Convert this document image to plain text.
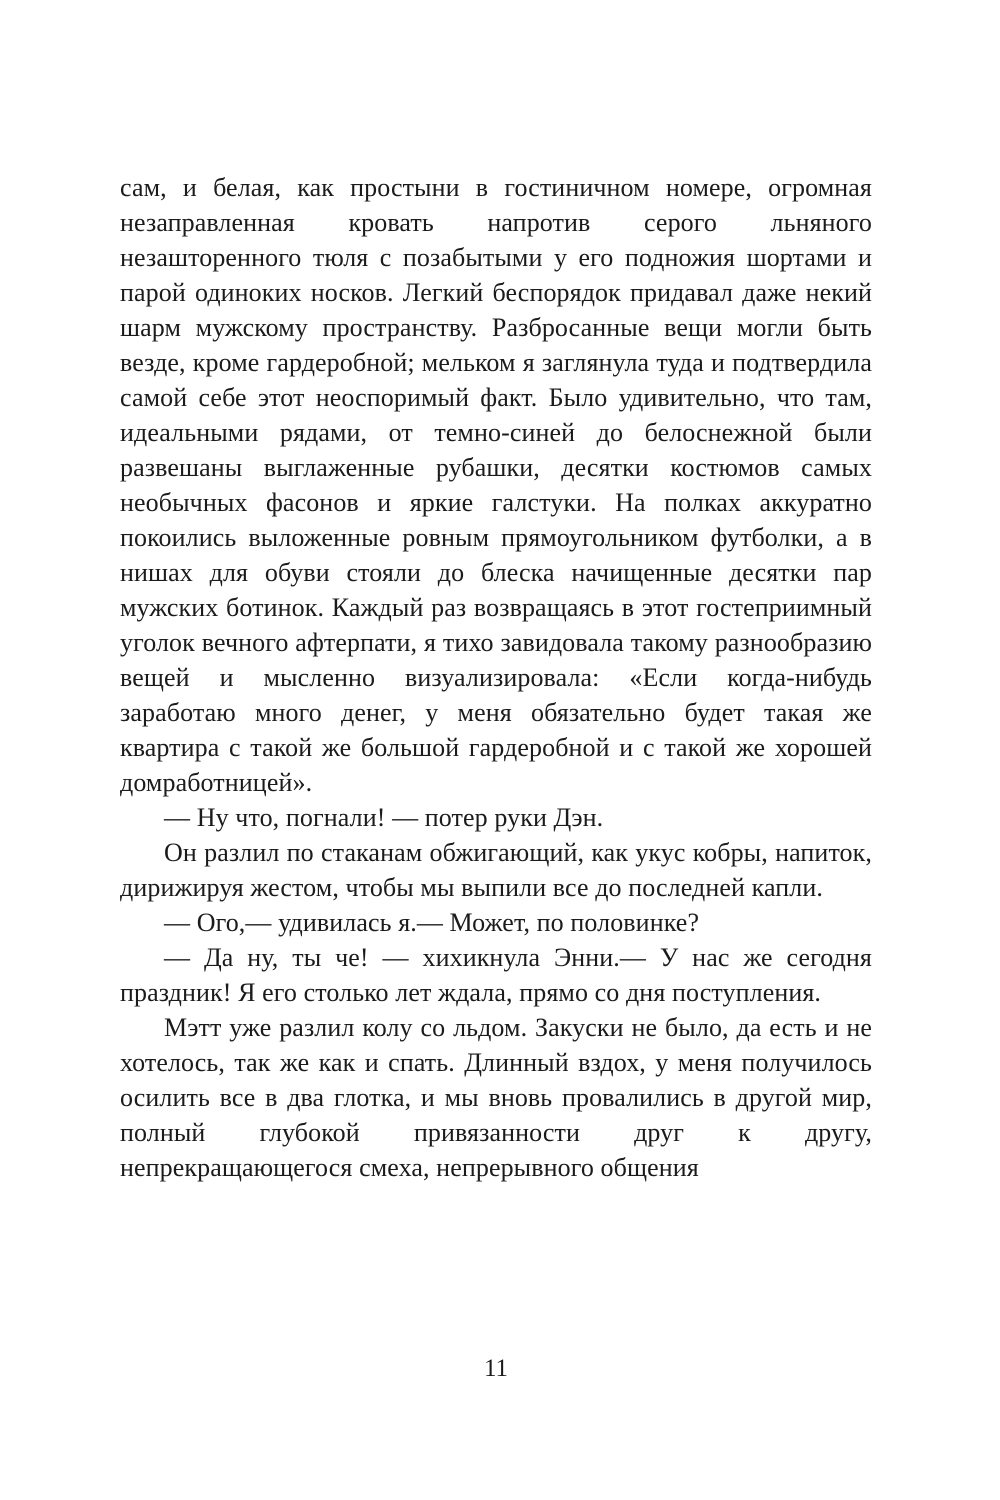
сам, и белая, как простыни в гостиничном номере, огромная незаправленная кровать напротив серого льняного незашторенного тюля с позабытыми у его подножия шортами и парой одиноких носков. Легкий беспорядок придавал даже некий шарм мужскому пространству. Разбросанные вещи могли быть везде, кроме гардеробной; мельком я заглянула туда и подтвердила самой себе этот неоспоримый факт. Было удивительно, что там, идеальными рядами, от темно-синей до белоснежной были развешаны выглаженные рубашки, десятки костюмов самых необычных фасонов и яркие галстуки. На полках аккуратно покоились выложенные ровным прямоугольником футболки, а в нишах для обуви стояли до блеска начищенные десятки пар мужских ботинок. Каждый раз возвращаясь в этот гостеприимный уголок вечного афтерпати, я тихо завидовала такому разнообразию вещей и мысленно визуализировала: «Если когда-нибудь заработаю много денег, у меня обязательно будет такая же квартира с такой же большой гардеробной и с такой же хорошей домработницей».

— Ну что, погнали! — потер руки Дэн.

Он разлил по стаканам обжигающий, как укус кобры, напиток, дирижируя жестом, чтобы мы выпили все до последней капли.

— Ого,— удивилась я.— Может, по половинке?

— Да ну, ты че! — хихикнула Энни.— У нас же сегодня праздник! Я его столько лет ждала, прямо со дня поступления.

Мэтт уже разлил колу со льдом. Закуски не было, да есть и не хотелось, так же как и спать. Длинный вздох, у меня получилось осилить все в два глотка, и мы вновь провалились в другой мир, полный глубокой привязанности друг к другу, непрекращающегося смеха, непрерывного общения

11
